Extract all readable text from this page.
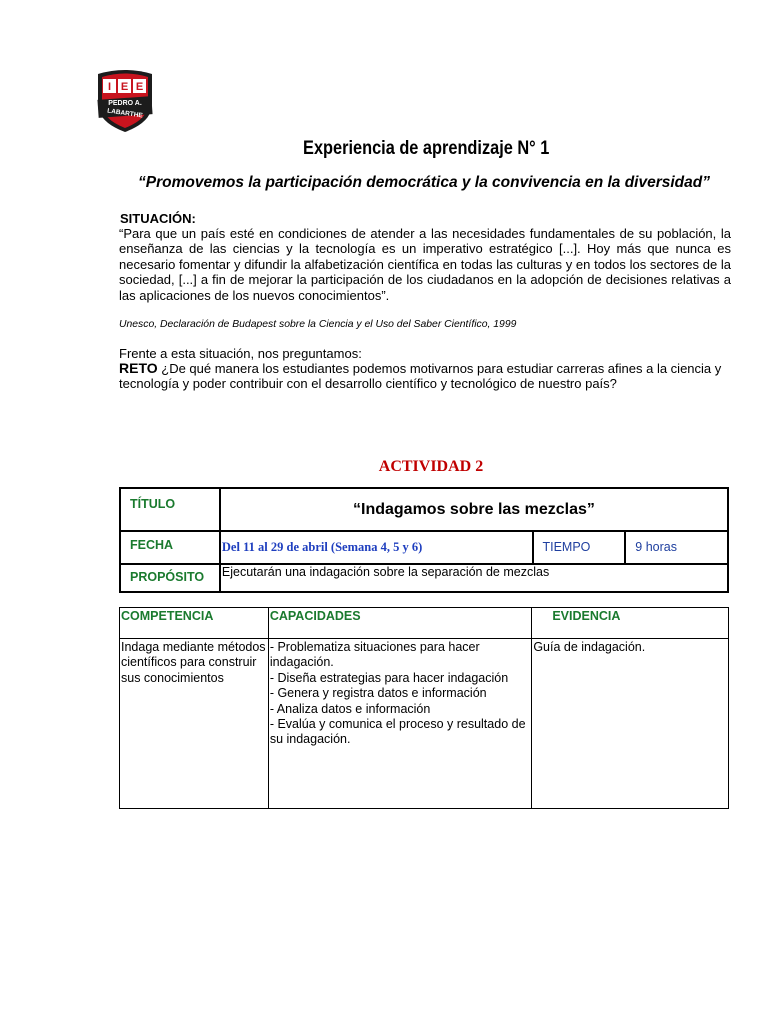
I E E
PEDRO A.
LABARTHE
Experiencia de aprendizaje N° 1
“Promovemos la participación democrática y la convivencia en la diversidad”
SITUACIÓN:
“Para que un país esté en condiciones de atender a las necesidades fundamentales de su población, la enseñanza de las ciencias y la tecnología es un imperativo estratégico [...]. Hoy más que nunca es necesario fomentar y difundir la alfabetización científica en todas las culturas y en todos los sectores de la sociedad, [...] a fin de mejorar la participación de los ciudadanos en la adopción de decisiones relativas a las aplicaciones de los nuevos conocimientos”.
Unesco, Declaración de Budapest sobre la Ciencia y el Uso del Saber Científico, 1999
Frente a esta situación, nos preguntamos:
RETO ¿De qué manera los estudiantes podemos motivarnos para estudiar carreras afines a la ciencia y tecnología y poder contribuir con el desarrollo científico y tecnológico de nuestro país?
ACTIVIDAD 2
TÍTULO	“Indagamos sobre las mezclas”		
FECHA	Del 11 al 29 de abril (Semana 4, 5 y 6)	TIEMPO	9 horas
PROPÓSITO	Ejecutarán una indagación sobre la separación de mezclas		
COMPETENCIA	CAPACIDADES	EVIDENCIA
Indaga mediante métodos científicos para construir sus conocimientos	- Problematiza situaciones para hacer indagación.
- Diseña estrategias para hacer indagación
- Genera y registra datos e información
- Analiza datos e información
- Evalúa y comunica el proceso y resultado de su indagación.	Guía de indagación.
